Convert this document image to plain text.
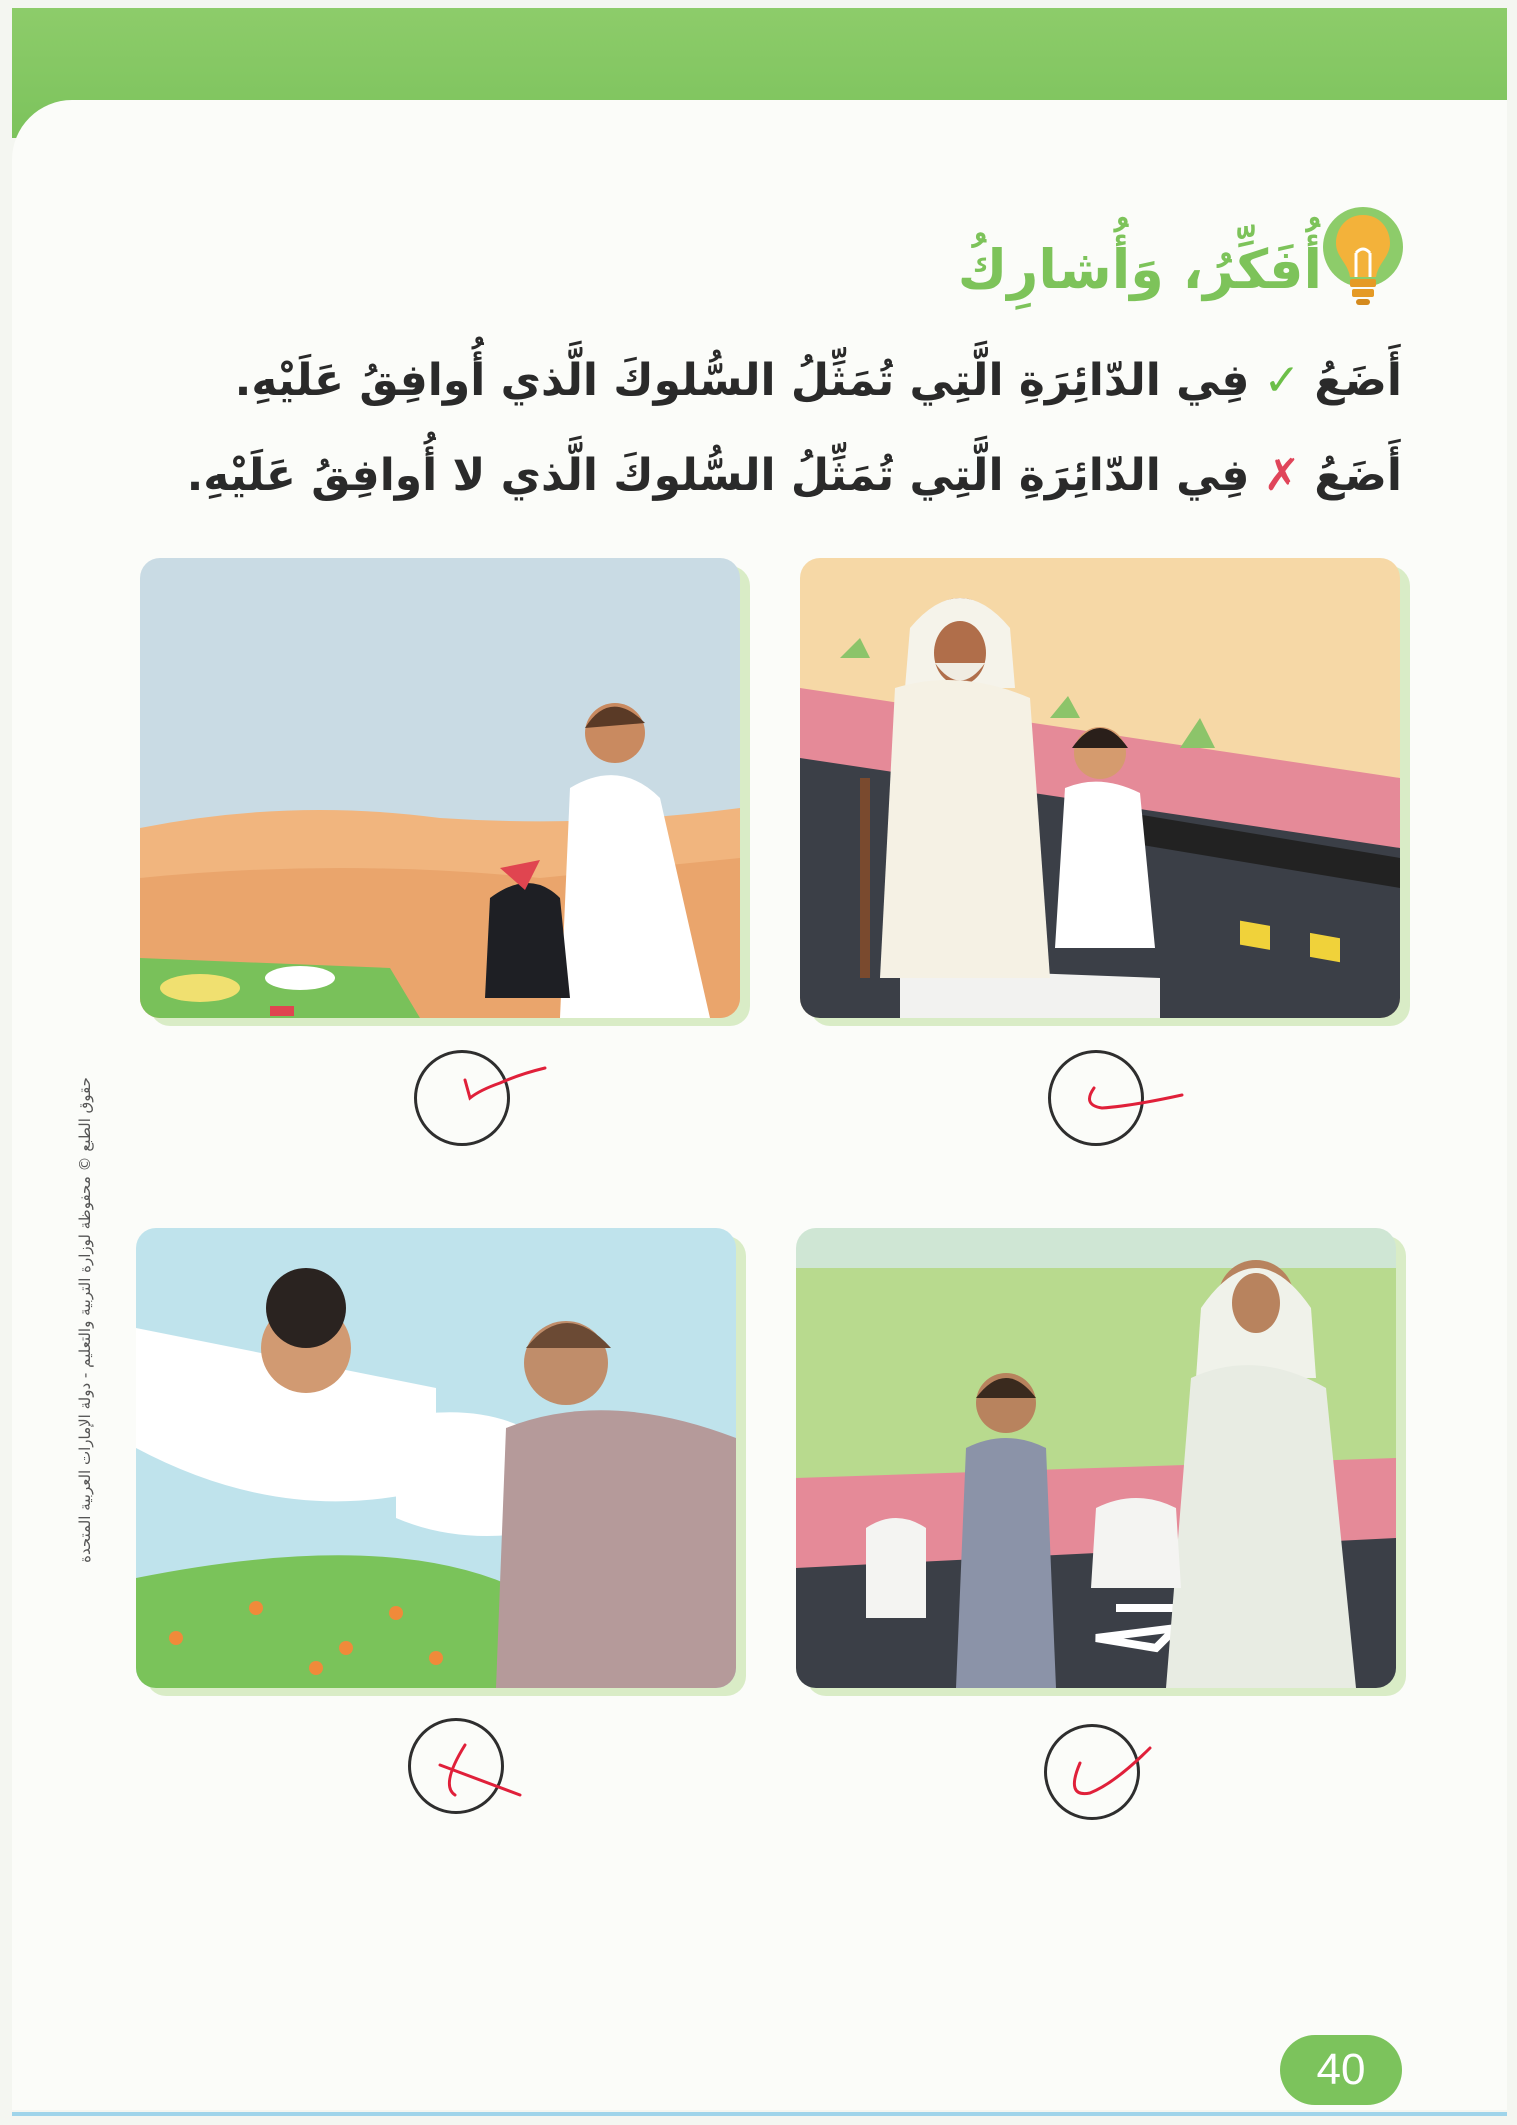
أُفَكِّرُ، وَأُشارِكُ
أَضَعُ✓فِي الدّائِرَةِ الَّتِي تُمَثِّلُ السُّلوكَ الَّذي أُوافِقُ عَلَيْهِ.
أَضَعُ✗فِي الدّائِرَةِ الَّتِي تُمَثِّلُ السُّلوكَ الَّذي لا أُوافِقُ عَلَيْهِ.
حقوق الطبع © محفوظة لوزارة التربية والتعليم - دولة الإمارات العربية المتحدة
40
